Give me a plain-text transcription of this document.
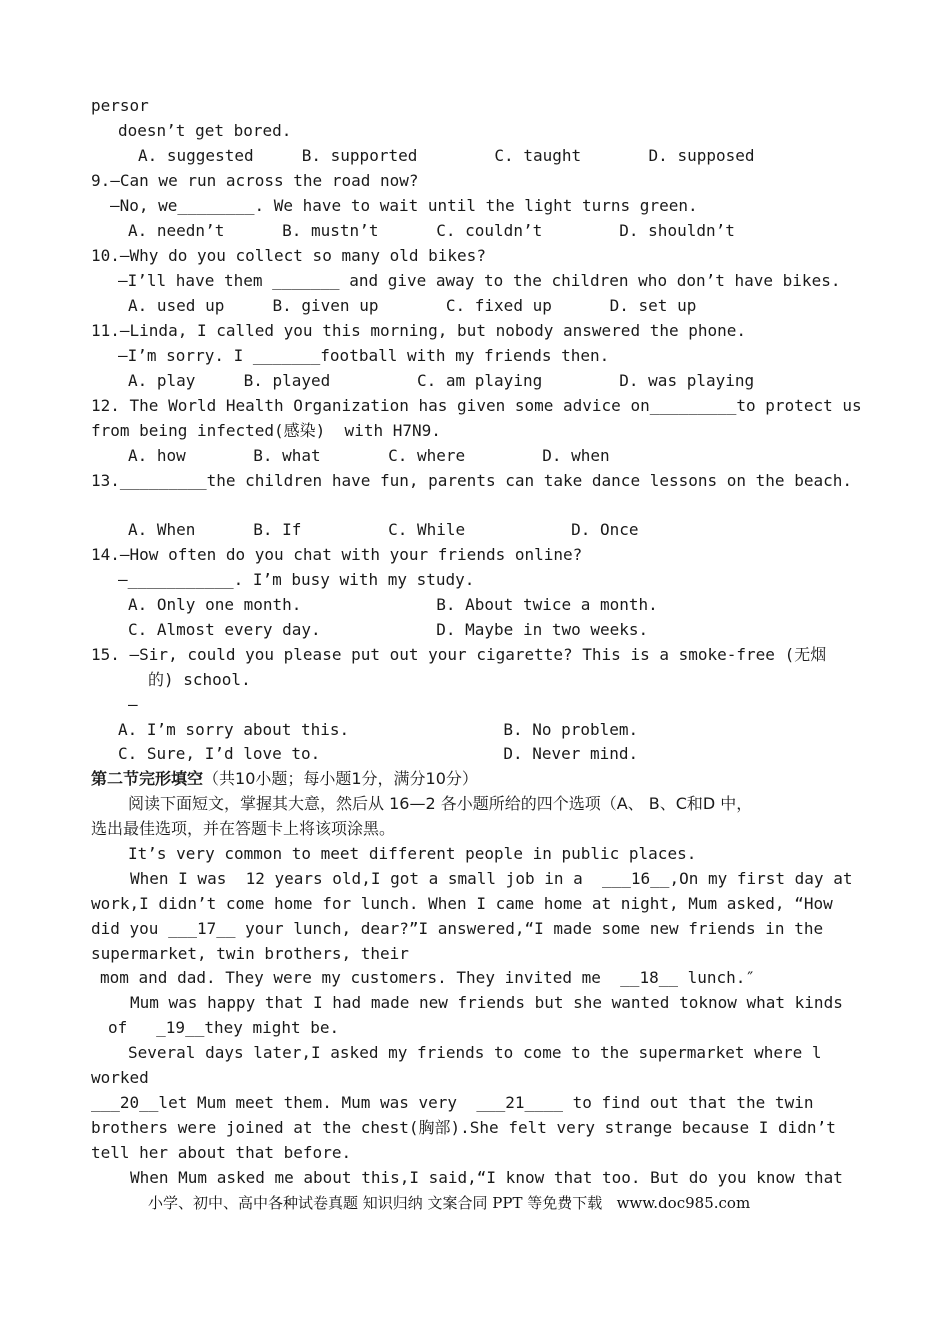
persor
doesn’t get bored.
A. suggested     B. supported        C. taught       D. supposed
9.—Can we run across the road now?
—No, we________. We have to wait until the light turns green.
A. needn’t      B. mustn’t      C. couldn’t        D. shouldn’t
10.—Why do you collect so many old bikes?
—I’ll have them _______ and give away to the children who don’t have bikes.
A. used up     B. given up       C. fixed up      D. set up
11.—Linda, I called you this morning, but nobody answered the phone.
—I’m sorry. I _______football with my friends then.
A. play     B. played         C. am playing        D. was playing
12. The World Health Organization has given some advice on_________to protect us
from being infected(感染)  with H7N9.
A. how       B. what       C. where        D. when
13._________the children have fun, parents can take dance lessons on the beach.
A. When      B. If         C. While           D. Once
14.—How often do you chat with your friends online?
—___________. I’m busy with my study.
A. Only one month.              B. About twice a month.
C. Almost every day.            D. Maybe in two weeks.
15. —Sir, could you please put out your cigarette? This is a smoke-free (无烟
的) school.
—
A. I’m sorry about this.                B. No problem.
C. Sure, I’d love to.                   D. Never mind.
第二节完形填空（共10小题；每小题1分，满分10分）
阅读下面短文，掌握其大意，然后从 16—2 各小题所给的四个选项（A、 B、C和D 中，
选出最佳选项，并在答题卡上将该项涂黑。
It’s very common to meet different people in public places.
When I was  12 years old,I got a small job in a  ___16__,On my first day at
work,I didn’t come home for lunch. When I came home at night, Mum asked, “How
did you ___17__ your lunch, dear?”I answered,“I made some new friends in the
supermarket, twin brothers, their
mom and dad. They were my customers. They invited me  __18__ lunch.″
Mum was happy that I had made new friends but she wanted toknow what kinds
of   _19__they might be.
Several days later,I asked my friends to come to the supermarket where l
worked
___20__let Mum meet them. Mum was very  ___21____ to find out that the twin
brothers were joined at the chest(胸部).She felt very strange because I didn’t
tell her about that before.
When Mum asked me about this,I said,“I know that too. But do you know that
小学、初中、高中各种试卷真题 知识归纳 文案合同 PPT 等免费下载   www.doc985.com
